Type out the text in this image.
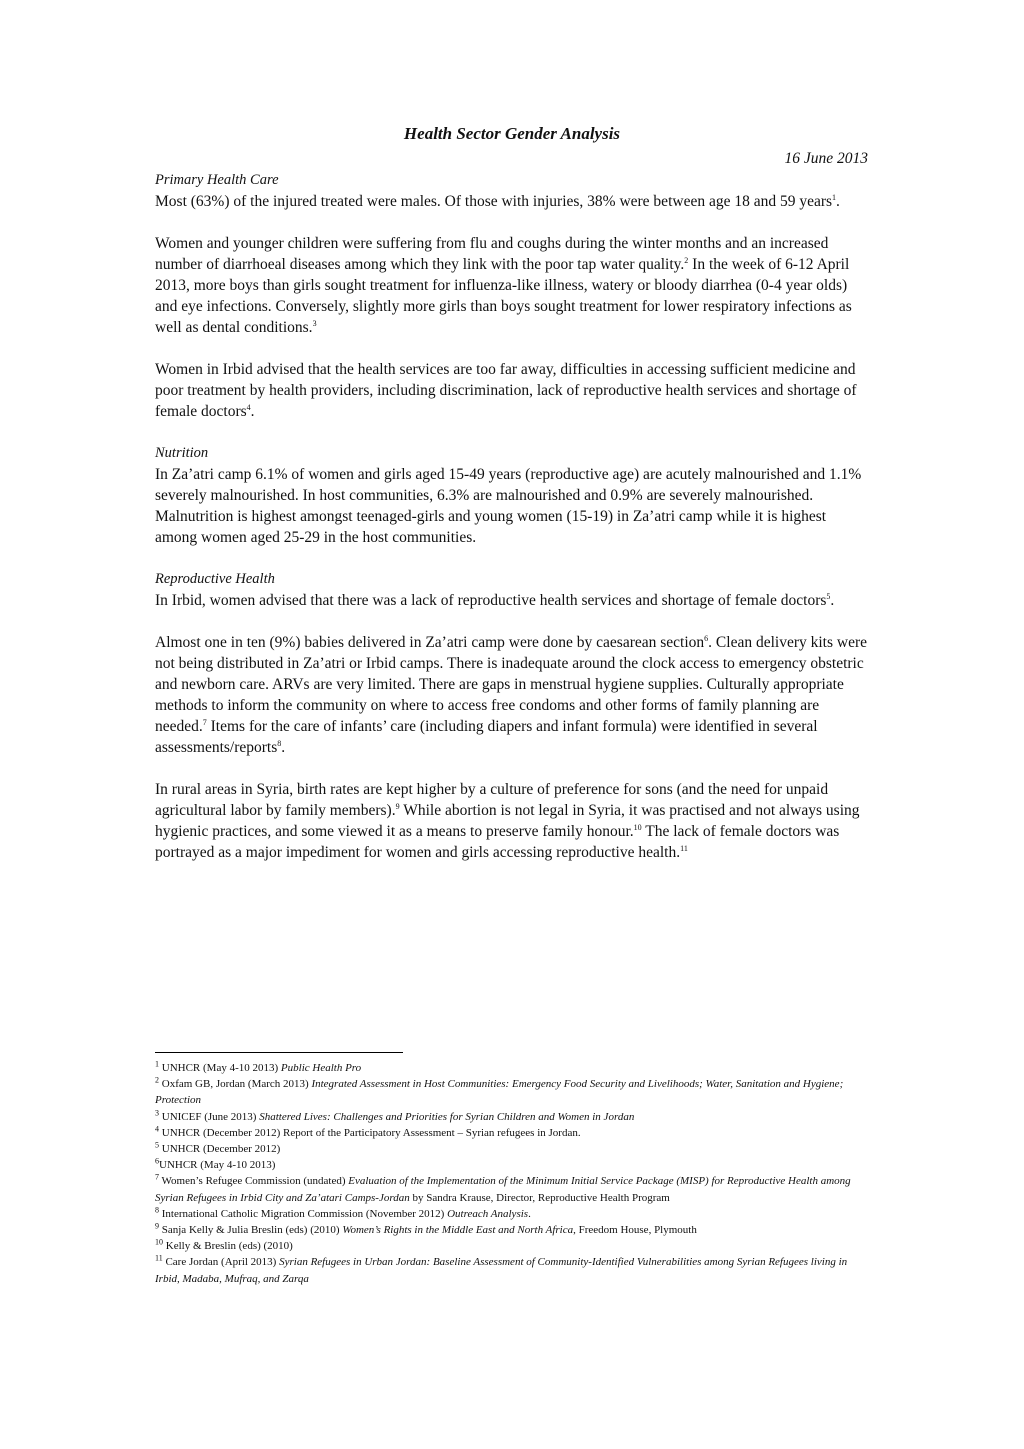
Health Sector Gender Analysis
16 June 2013
Primary Health Care

Most (63%) of the injured treated were males. Of those with injuries, 38% were between age 18 and 59 years$^1$.

Women and younger children were suffering from flu and coughs during the winter months and an increased number of diarrhoeal diseases among which they link with the poor tap water quality.$^2$ In the week of 6-12 April 2013, more boys than girls sought treatment for influenza-like illness, watery or bloody diarrhea (0-4 year olds) and eye infections. Conversely, slightly more girls than boys sought treatment for lower respiratory infections as well as dental conditions.$^3$

Women in Irbid advised that the health services are too far away, difficulties in accessing sufficient medicine and poor treatment by health providers, including discrimination, lack of reproductive health services and shortage of female doctors$^4$.

Nutrition

In Za’atri camp 6.1% of women and girls aged 15-49 years (reproductive age) are acutely malnourished and 1.1% severely malnourished. In host communities, 6.3% are malnourished and 0.9% are severely malnourished. Malnutrition is highest amongst teenaged-girls and young women (15-19) in Za’atri camp while it is highest among women aged 25-29 in the host communities.

Reproductive Health

In Irbid, women advised that there was a lack of reproductive health services and shortage of female doctors$^5$.

Almost one in ten (9%) babies delivered in Za’atri camp were done by caesarean section$^6$. Clean delivery kits were not being distributed in Za’atri or Irbid camps. There is inadequate around the clock access to emergency obstetric and newborn care. ARVs are very limited. There are gaps in menstrual hygiene supplies. Culturally appropriate methods to inform the community on where to access free condoms and other forms of family planning are needed.$^7$ Items for the care of infants’ care (including diapers and infant formula) were identified in several assessments/reports$^8$.

In rural areas in Syria, birth rates are kept higher by a culture of preference for sons (and the need for unpaid agricultural labor by family members).$^9$ While abortion is not legal in Syria, it was practised and not always using hygienic practices, and some viewed it as a means to preserve family honour.$^{10}$ The lack of female doctors was portrayed as a major impediment for women and girls accessing reproductive health.$^{11}$

$^1$ UNHCR (May 4-10 2013) Public Health Pro

$^2$ Oxfam GB, Jordan (March 2013) Integrated Assessment in Host Communities: Emergency Food Security and Livelihoods; Water, Sanitation and Hygiene; Protection

$^3$ UNICEF (June 2013) Shattered Lives: Challenges and Priorities for Syrian Children and Women in Jordan

$^4$ UNHCR (December 2012) Report of the Participatory Assessment – Syrian refugees in Jordan.

$^5$ UNHCR (December 2012)

$^6$UNHCR (May 4-10 2013)

$^7$ Women’s Refugee Commission (undated) Evaluation of the Implementation of the Minimum Initial Service Package (MISP) for Reproductive Health among Syrian Refugees in Irbid City and Za’atari Camps-Jordan by Sandra Krause, Director, Reproductive Health Program

$^8$ International Catholic Migration Commission (November 2012) Outreach Analysis.

$^9$ Sanja Kelly & Julia Breslin (eds) (2010) Women’s Rights in the Middle East and North Africa, Freedom House, Plymouth

$^{10}$ Kelly & Breslin (eds) (2010)

$^{11}$ Care Jordan (April 2013) Syrian Refugees in Urban Jordan: Baseline Assessment of Community-Identified Vulnerabilities among Syrian Refugees living in Irbid, Madaba, Mufraq, and Zarqa
